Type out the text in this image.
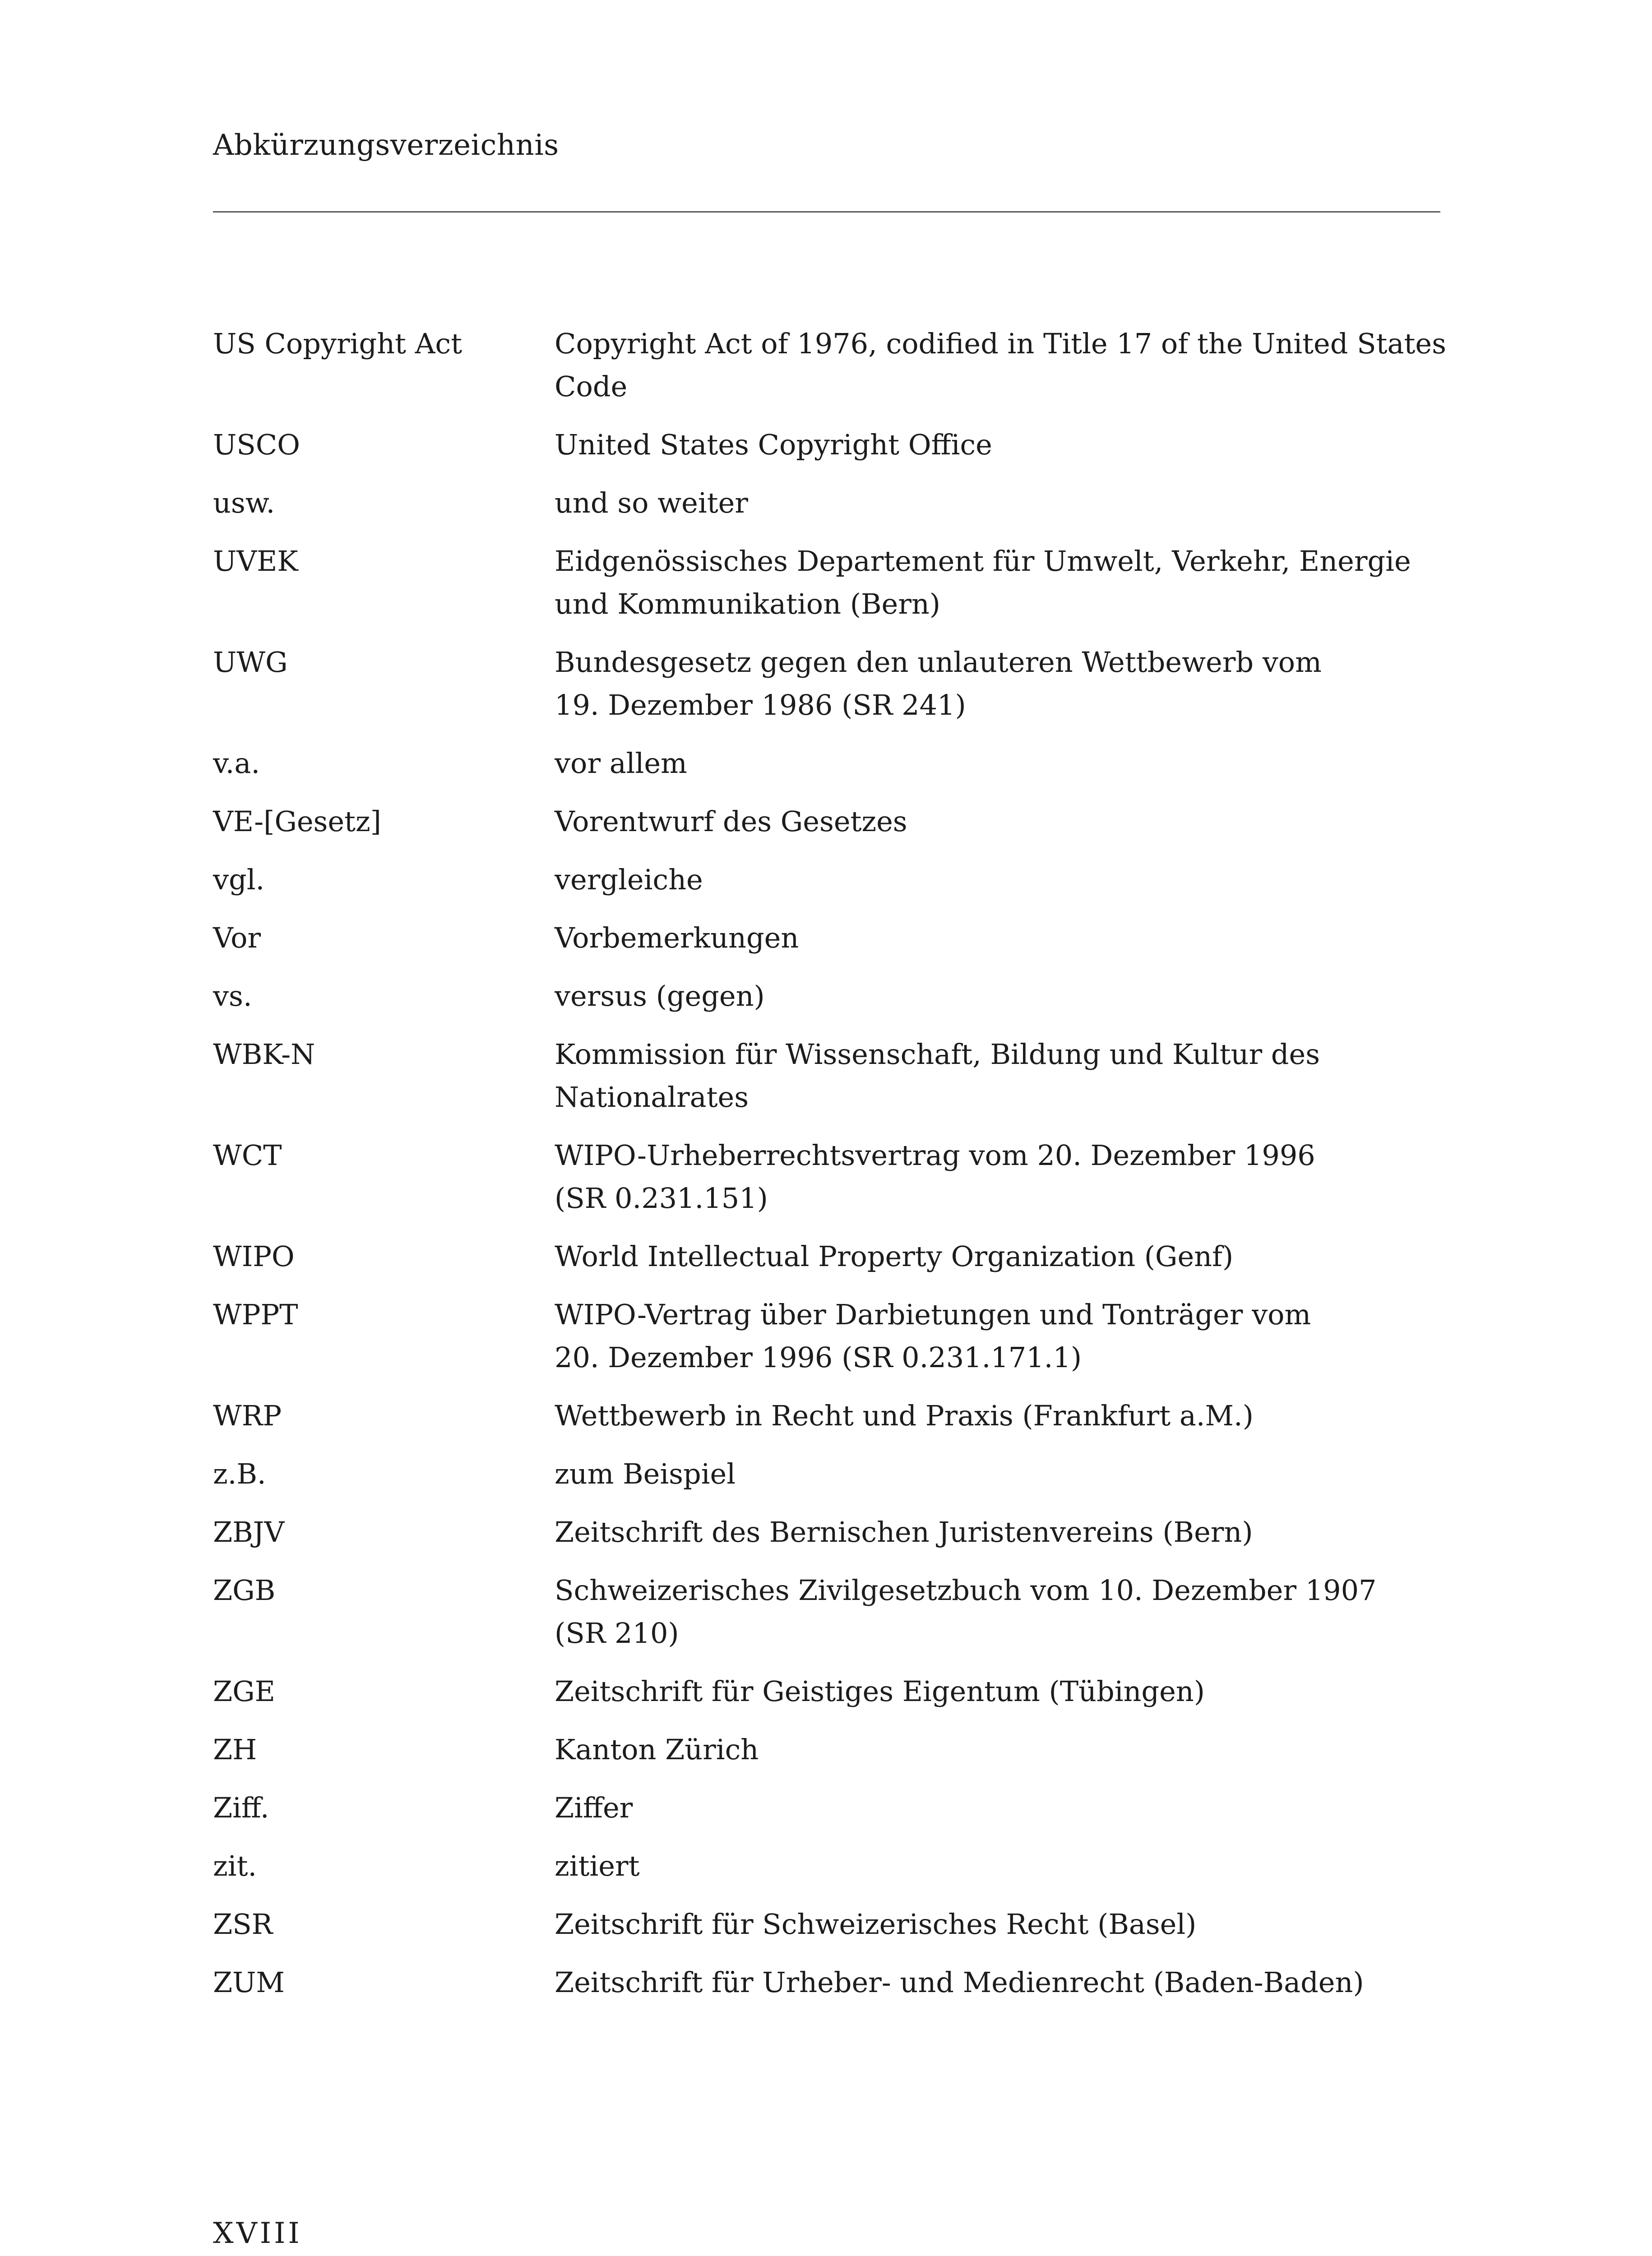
Abkürzungsverzeichnis
US Copyright Act	Copyright Act of 1976, codified in Title 17 of the United States
Code
USCO	United States Copyright Office
usw.	und so weiter
UVEK	Eidgenössisches Departement für Umwelt, Verkehr, Energie
und Kommunikation (Bern)
UWG	Bundesgesetz gegen den unlauteren Wettbewerb vom
19. Dezember 1986 (SR 241)
v.a.	vor allem
VE-[Gesetz]	Vorentwurf des Gesetzes
vgl.	vergleiche
Vor	Vorbemerkungen
vs.	versus (gegen)
WBK-N	Kommission für Wissenschaft, Bildung und Kultur des
Nationalrates
WCT	WIPO-Urheberrechtsvertrag vom 20. Dezember 1996
(SR 0.231.151)
WIPO	World Intellectual Property Organization (Genf)
WPPT	WIPO-Vertrag über Darbietungen und Tonträger vom
20. Dezember 1996 (SR 0.231.171.1)
WRP	Wettbewerb in Recht und Praxis (Frankfurt a.M.)
z.B.	zum Beispiel
ZBJV	Zeitschrift des Bernischen Juristenvereins (Bern)
ZGB	Schweizerisches Zivilgesetzbuch vom 10. Dezember 1907
(SR 210)
ZGE	Zeitschrift für Geistiges Eigentum (Tübingen)
ZH	Kanton Zürich
Ziff.	Ziffer
zit.	zitiert
ZSR	Zeitschrift für Schweizerisches Recht (Basel)
ZUM	Zeitschrift für Urheber- und Medienrecht (Baden-Baden)
XVIII
